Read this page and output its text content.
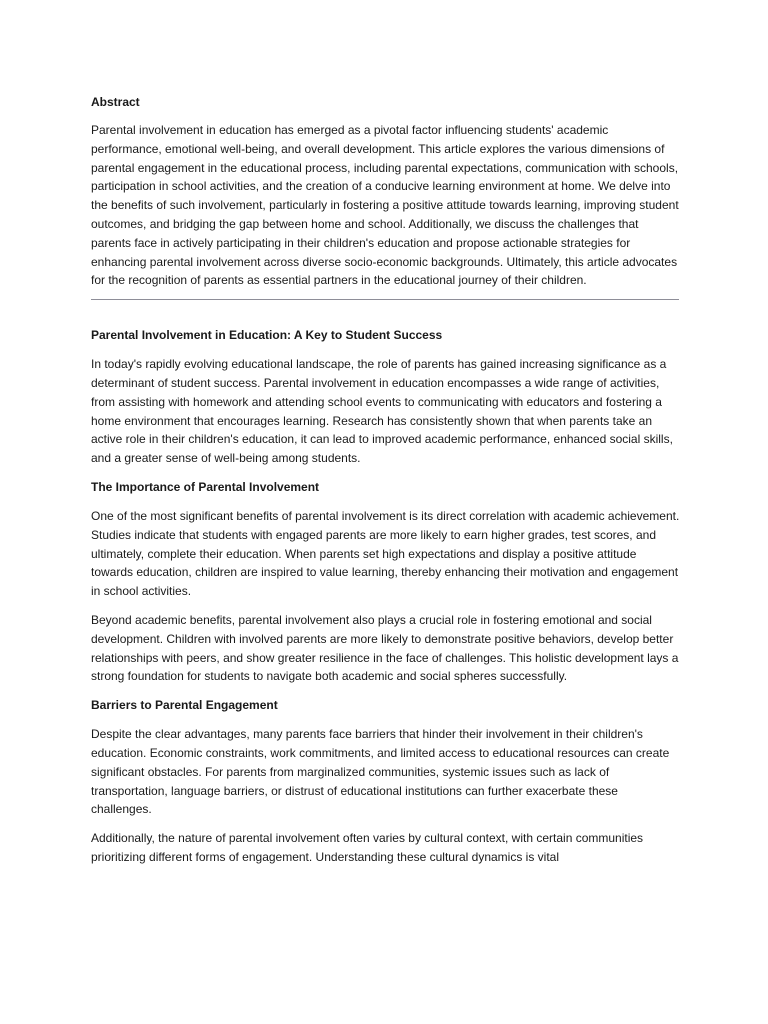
Abstract

Parental involvement in education has emerged as a pivotal factor influencing students' academic performance, emotional well-being, and overall development. This article explores the various dimensions of parental engagement in the educational process, including parental expectations, communication with schools, participation in school activities, and the creation of a conducive learning environment at home. We delve into the benefits of such involvement, particularly in fostering a positive attitude towards learning, improving student outcomes, and bridging the gap between home and school. Additionally, we discuss the challenges that parents face in actively participating in their children's education and propose actionable strategies for enhancing parental involvement across diverse socio-economic backgrounds. Ultimately, this article advocates for the recognition of parents as essential partners in the educational journey of their children.

Parental Involvement in Education: A Key to Student Success

In today's rapidly evolving educational landscape, the role of parents has gained increasing significance as a determinant of student success. Parental involvement in education encompasses a wide range of activities, from assisting with homework and attending school events to communicating with educators and fostering a home environment that encourages learning. Research has consistently shown that when parents take an active role in their children's education, it can lead to improved academic performance, enhanced social skills, and a greater sense of well-being among students.

The Importance of Parental Involvement

One of the most significant benefits of parental involvement is its direct correlation with academic achievement. Studies indicate that students with engaged parents are more likely to earn higher grades, test scores, and ultimately, complete their education. When parents set high expectations and display a positive attitude towards education, children are inspired to value learning, thereby enhancing their motivation and engagement in school activities.

Beyond academic benefits, parental involvement also plays a crucial role in fostering emotional and social development. Children with involved parents are more likely to demonstrate positive behaviors, develop better relationships with peers, and show greater resilience in the face of challenges. This holistic development lays a strong foundation for students to navigate both academic and social spheres successfully.

Barriers to Parental Engagement

Despite the clear advantages, many parents face barriers that hinder their involvement in their children's education. Economic constraints, work commitments, and limited access to educational resources can create significant obstacles. For parents from marginalized communities, systemic issues such as lack of transportation, language barriers, or distrust of educational institutions can further exacerbate these challenges.

Additionally, the nature of parental involvement often varies by cultural context, with certain communities prioritizing different forms of engagement. Understanding these cultural dynamics is vital
